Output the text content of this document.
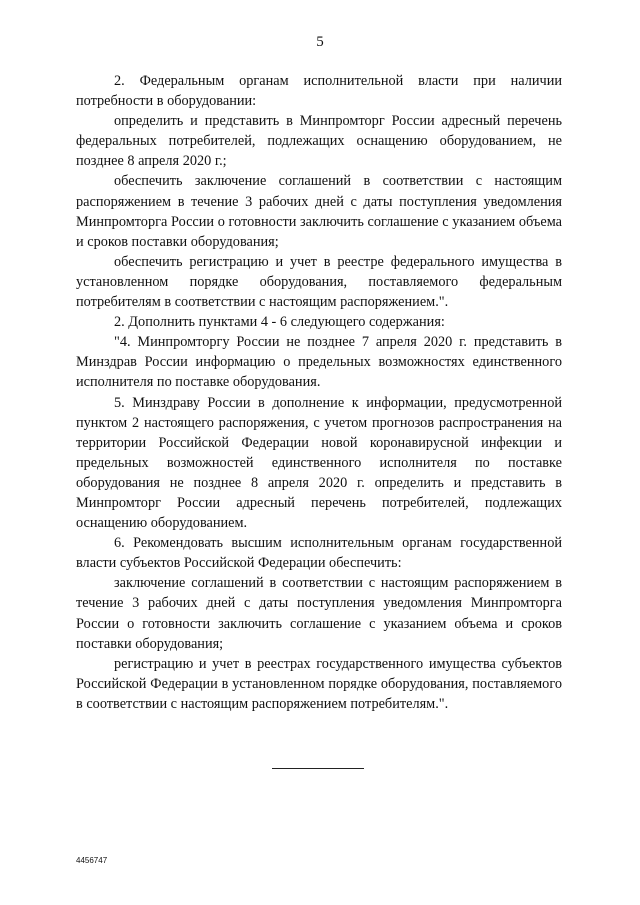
5

2. Федеральным органам исполнительной власти при наличии потребности в оборудовании:

определить и представить в Минпромторг России адресный перечень федеральных потребителей, подлежащих оснащению оборудованием, не позднее 8 апреля 2020 г.;

обеспечить заключение соглашений в соответствии с настоящим распоряжением в течение 3 рабочих дней с даты поступления уведомления Минпромторга России о готовности заключить соглашение с указанием объема и сроков поставки оборудования;

обеспечить регистрацию и учет в реестре федерального имущества в установленном порядке оборудования, поставляемого федеральным потребителям в соответствии с настоящим распоряжением.".

2. Дополнить пунктами 4 - 6 следующего содержания:

"4. Минпромторгу России не позднее 7 апреля 2020 г. представить в Минздрав России информацию о предельных возможностях единственного исполнителя по поставке оборудования.

5. Минздраву России в дополнение к информации, предусмотренной пунктом 2 настоящего распоряжения, с учетом прогнозов распространения на территории Российской Федерации новой коронавирусной инфекции и предельных возможностей единственного исполнителя по поставке оборудования не позднее 8 апреля 2020 г. определить и представить в Минпромторг России адресный перечень потребителей, подлежащих оснащению оборудованием.

6. Рекомендовать высшим исполнительным органам государственной власти субъектов Российской Федерации обеспечить:

заключение соглашений в соответствии с настоящим распоряжением в течение 3 рабочих дней с даты поступления уведомления Минпромторга России о готовности заключить соглашение с указанием объема и сроков поставки оборудования;

регистрацию и учет в реестрах государственного имущества субъектов Российской Федерации в установленном порядке оборудования, поставляемого в соответствии с настоящим распоряжением потребителям.".

4456747
